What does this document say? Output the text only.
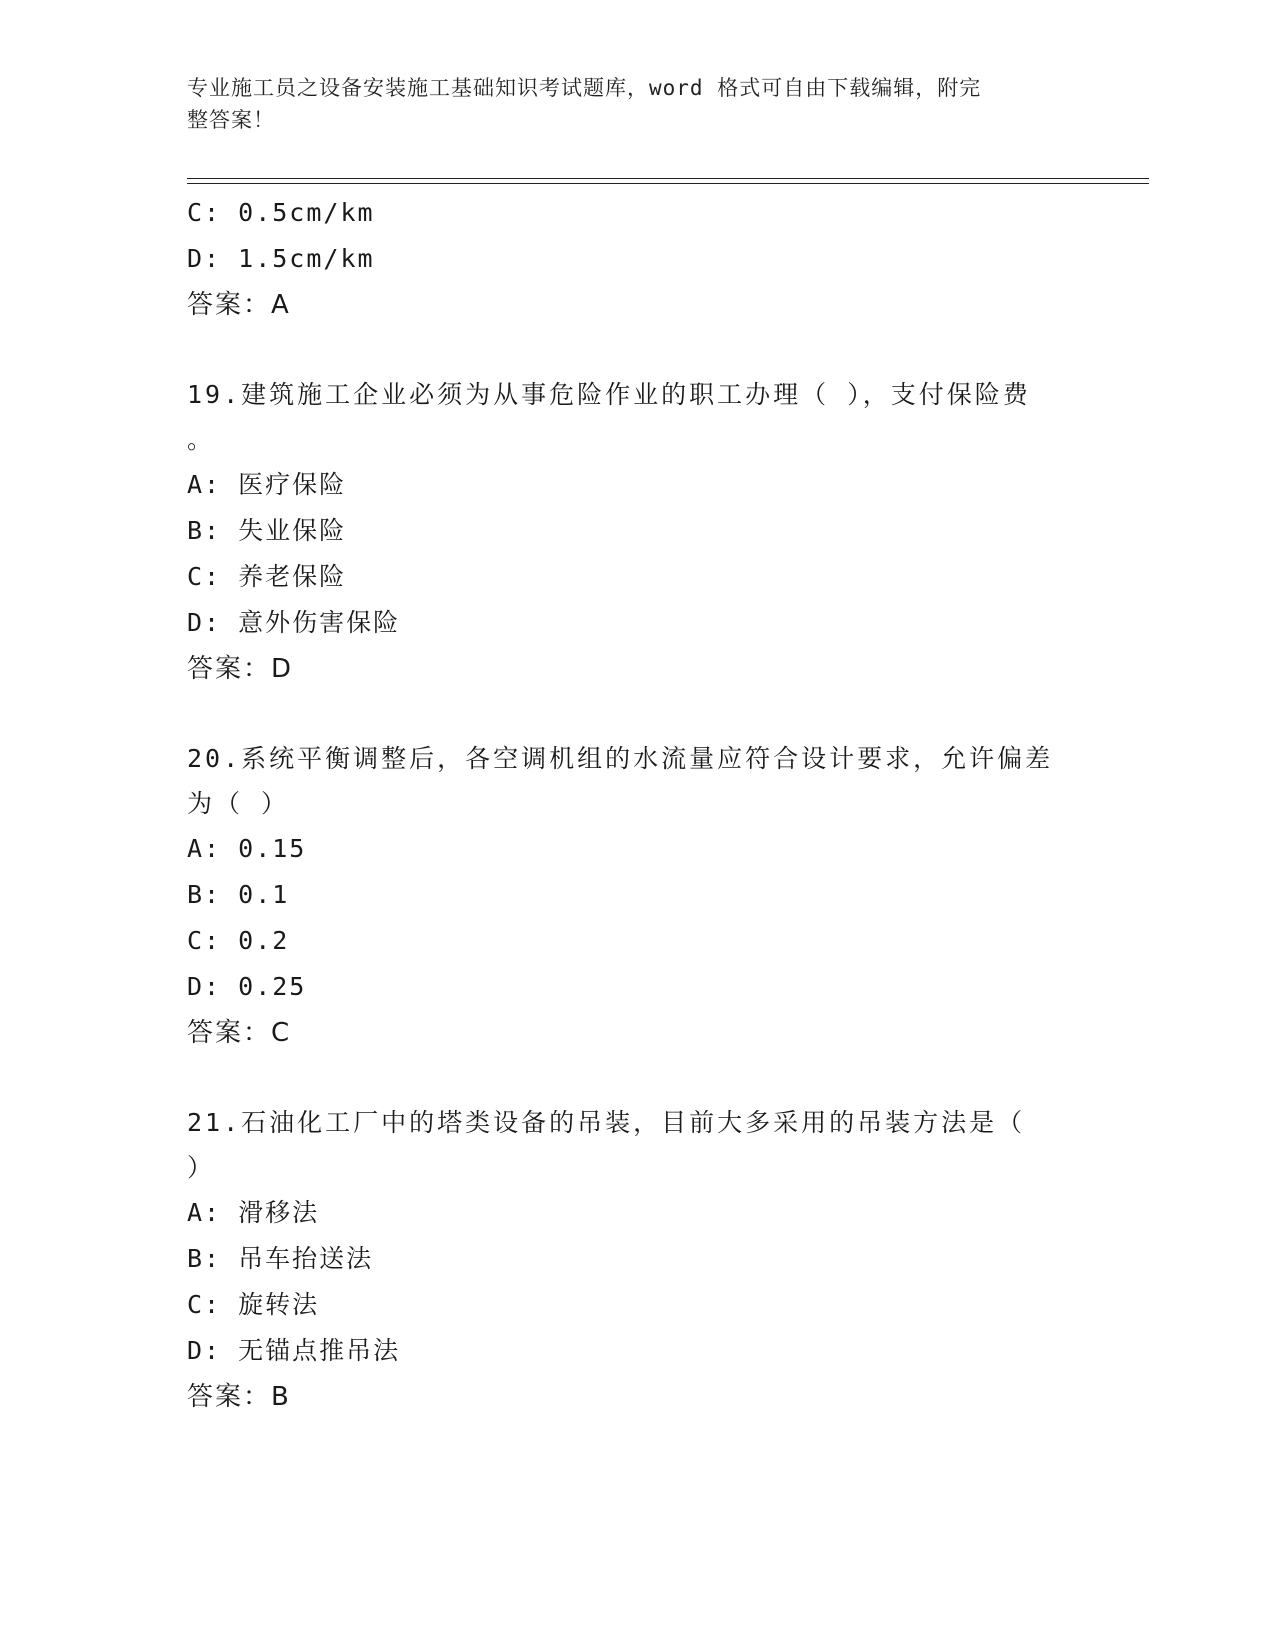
专业施工员之设备安装施工基础知识考试题库，word 格式可自由下载编辑，附完
整答案！
C: 0.5cm/km
D: 1.5cm/km
答案：A
19.建筑施工企业必须为从事危险作业的职工办理（ ），支付保险费
。
A: 医疗保险
B: 失业保险
C: 养老保险
D: 意外伤害保险
答案：D
20.系统平衡调整后，各空调机组的水流量应符合设计要求，允许偏差
为（ ）
A: 0.15
B: 0.1
C: 0.2
D: 0.25
答案：C
21.石油化工厂中的塔类设备的吊装，目前大多采用的吊装方法是（
）
A: 滑移法
B: 吊车抬送法
C: 旋转法
D: 无锚点推吊法
答案：B
